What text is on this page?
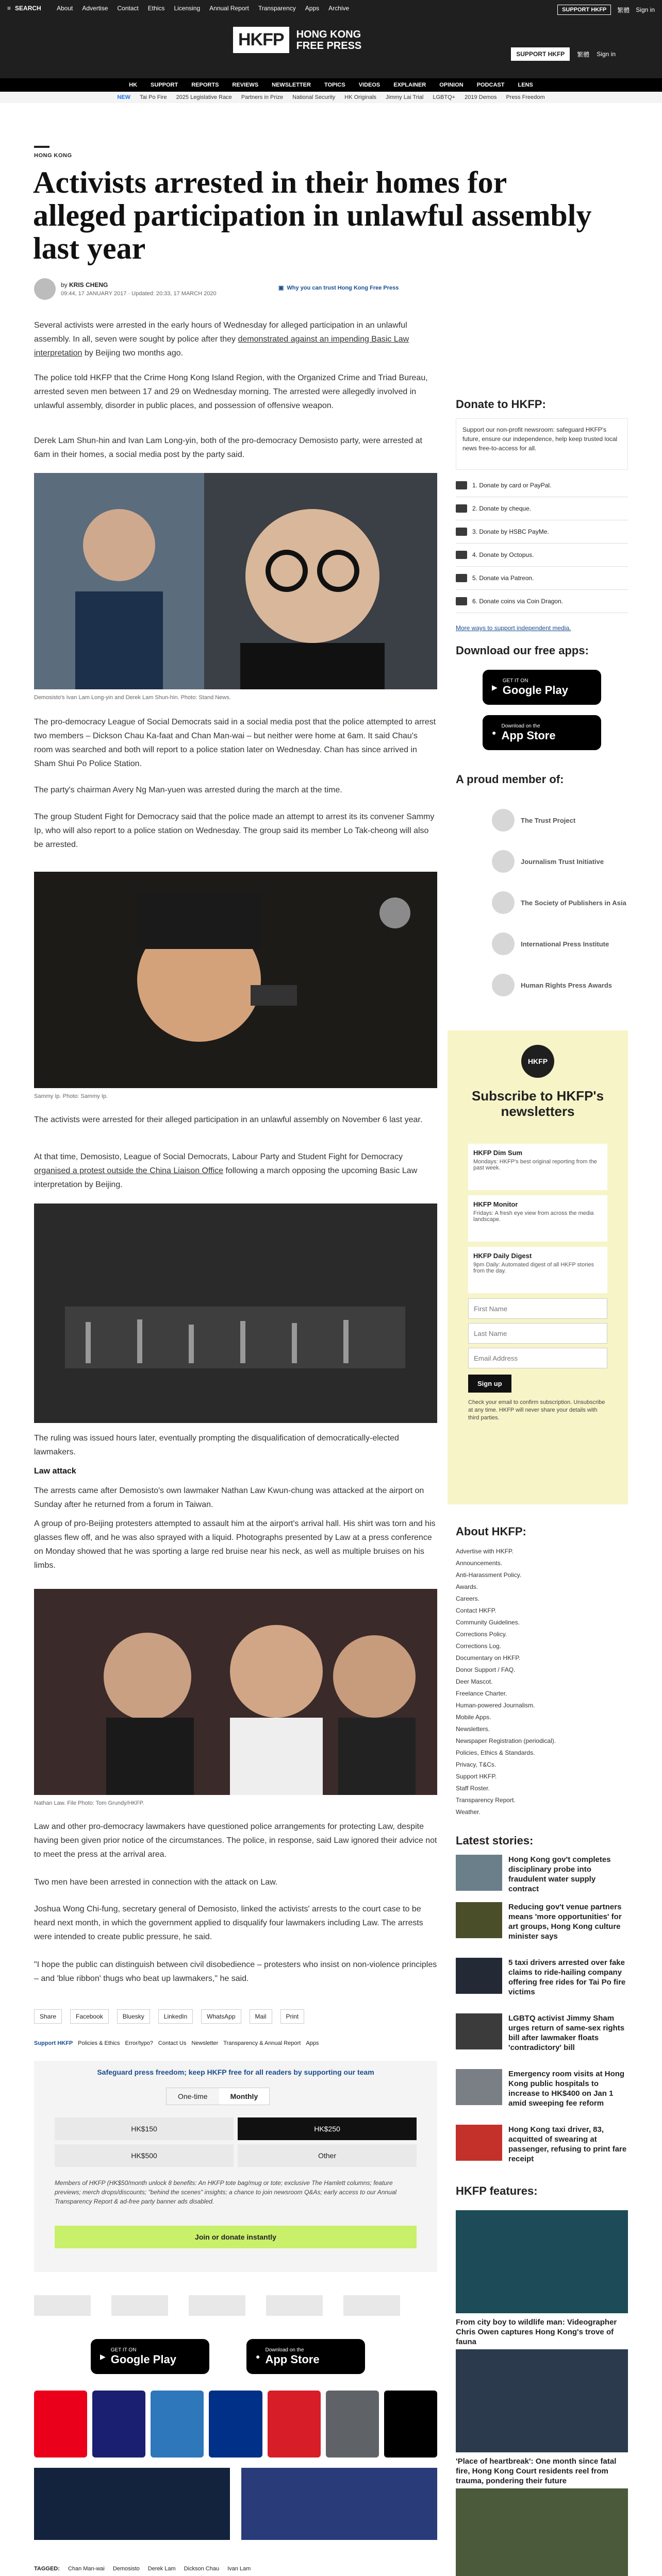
≡ SEARCH	About Advertise Contact Ethics Licensing Annual Report Transparency Apps Archive	SUPPORT HKFP	繁體 Sign in
HKFP	HONG KONG
FREE PRESS
SUPPORT HKFP	繁體 Sign in
HK SUPPORT REPORTS REVIEWS NEWSLETTER TOPICS VIDEOS EXPLAINER OPINION PODCAST LENS
NEW Tai Po Fire 2025 Legislative Race Partners in Prize National Security HK Originals Jimmy Lai Trial LGBTQ+ 2019 Demos Press Freedom
HONG KONG
Activists arrested in their homes for alleged participation in unlawful assembly last year
by KRIS CHENG
09:44, 17 JANUARY 2017 · Updated: 20:33, 17 MARCH 2020
▣ Why you can trust Hong Kong Free Press

Several activists were arrested in the early hours of Wednesday for alleged participation in an unlawful assembly. In all, seven were sought by police after they demonstrated against an impending Basic Law interpretation by Beijing two months ago.

The police told HKFP that the Crime Hong Kong Island Region, with the Organized Crime and Triad Bureau, arrested seven men between 17 and 29 on Wednesday morning. The arrested were allegedly involved in unlawful assembly, disorder in public places, and possession of offensive weapon.

Derek Lam Shun-hin and Ivan Lam Long-yin, both of the pro-democracy Demosisto party, were arrested at 6am in their homes, a social media post by the party said.

Demosisto's Ivan Lam Long-yin and Derek Lam Shun-hin. Photo: Stand News.

The pro-democracy League of Social Democrats said in a social media post that the police attempted to arrest two members – Dickson Chau Ka-faat and Chan Man-wai – but neither were home at 6am. It said Chau's room was searched and both will report to a police station later on Wednesday. Chan has since arrived in Sham Shui Po Police Station.

The party's chairman Avery Ng Man-yuen was arrested during the march at the time.

The group Student Fight for Democracy said that the police made an attempt to arrest its its convener Sammy Ip, who will also report to a police station on Wednesday. The group said its member Lo Tak-cheong will also be arrested.

Sammy Ip. Photo: Sammy Ip.

The activists were arrested for their alleged participation in an unlawful assembly on November 6 last year.

At that time, Demosisto, League of Social Democrats, Labour Party and Student Fight for Democracy organised a protest outside the China Liaison Office following a march opposing the upcoming Basic Law interpretation by Beijing.

The ruling was issued hours later, eventually prompting the disqualification of democratically-elected lawmakers.

Law attack

The arrests came after Demosisto's own lawmaker Nathan Law Kwun-chung was attacked at the airport on Sunday after he returned from a forum in Taiwan.

A group of pro-Beijing protesters attempted to assault him at the airport's arrival hall. His shirt was torn and his glasses flew off, and he was also sprayed with a liquid. Photographs presented by Law at a press conference on Monday showed that he was sporting a large red bruise near his neck, as well as multiple bruises on his limbs.

Nathan Law. File Photo: Tom Grundy/HKFP.

Law and other pro-democracy lawmakers have questioned police arrangements for protecting Law, despite having been given prior notice of the circumstances. The police, in response, said Law ignored their advice not to meet the press at the arrival area.

Two men have been arrested in connection with the attack on Law.

Joshua Wong Chi-fung, secretary general of Demosisto, linked the activists' arrests to the court case to be heard next month, in which the government applied to disqualify four lawmakers including Law. The arrests were intended to create public pressure, he said.

"I hope the public can distinguish between civil disobedience – protesters who insist on non-violence principles – and 'blue ribbon' thugs who beat up lawmakers," he said.

Share	Facebook	Bluesky	LinkedIn	WhatsApp	Mail	Print
Support HKFP Policies & Ethics Error/typo? Contact Us Newsletter Transparency & Annual Report Apps
Safeguard press freedom; keep HKFP free for all readers by supporting our team
One-time	Monthly
HK$150	HK$250
HK$500	Other

Members of HKFP (HK$50/month unlock 8 benefits: An HKFP tote bag/mug or tote; exclusive The Hamlett columns; feature previews; merch drops/discounts; "behind the scenes" insights; a chance to join newsroom Q&As; early access to our Annual Transparency Report & ad-free party banner ads disabled.

Join or donate instantly
▶
GET IT ON
Google Play	●
Download on the
App Store
TAGGED: Chan Man-wai Demosisto Derek Lam Dickson Chau Ivan Lam
Donate to HKFP:
Support our non-profit newsroom: safeguard HKFP's future, ensure our independence, help keep trusted local news free-to-access for all.
1. Donate by card or PayPal.
2. Donate by cheque.
3. Donate by HSBC PayMe.
4. Donate by Octopus.
5. Donate via Patreon.
6. Donate coins via Coin Dragon.
More ways to support independent media.
Download our free apps:
▶
GET IT ON
Google Play
●
Download on the
App Store
A proud member of:
The Trust Project
Journalism Trust Initiative
The Society of Publishers in Asia
International Press Institute
Human Rights Press Awards
HKFP
Subscribe to HKFP's newsletters
HKFP Dim Sum
Mondays: HKFP's best original reporting from the past week.
HKFP Monitor
Fridays: A fresh eye view from across the media landscape.
HKFP Daily Digest
9pm Daily: Automated digest of all HKFP stories from the day.
First Name Last Name Email Address Sign up

Check your email to confirm subscription. Unsubscribe at any time. HKFP will never share your details with third parties.

About HKFP:
Advertise with HKFP.
Announcements.
Anti-Harassment Policy.
Awards.
Careers.
Contact HKFP.
Community Guidelines.
Corrections Policy.
Corrections Log.
Documentary on HKFP.
Donor Support / FAQ.
Deer Mascot.
Freelance Charter.
Human-powered Journalism.
Mobile Apps.
Newsletters.
Newspaper Registration (periodical).
Policies, Ethics & Standards.
Privacy, T&Cs.
Support HKFP.
Staff Roster.
Transparency Report.
Weather.
Latest stories:
Hong Kong gov't completes disciplinary probe into fraudulent water supply contract
Reducing gov't venue partners means 'more opportunities' for art groups, Hong Kong culture minister says
5 taxi drivers arrested over fake claims to ride-hailing company offering free rides for Tai Po fire victims
LGBTQ activist Jimmy Sham urges return of same-sex rights bill after lawmaker floats 'contradictory' bill
Emergency room visits at Hong Kong public hospitals to increase to HK$400 on Jan 1 amid sweeping fee reform
Hong Kong taxi driver, 83, acquitted of swearing at passenger, refusing to print fare receipt
HKFP features:
From city boy to wildlife man: Videographer Chris Owen captures Hong Kong's trove of fauna
'Place of heartbreak': One month since fatal fire, Hong Kong Court residents reel from trauma, pondering their future
